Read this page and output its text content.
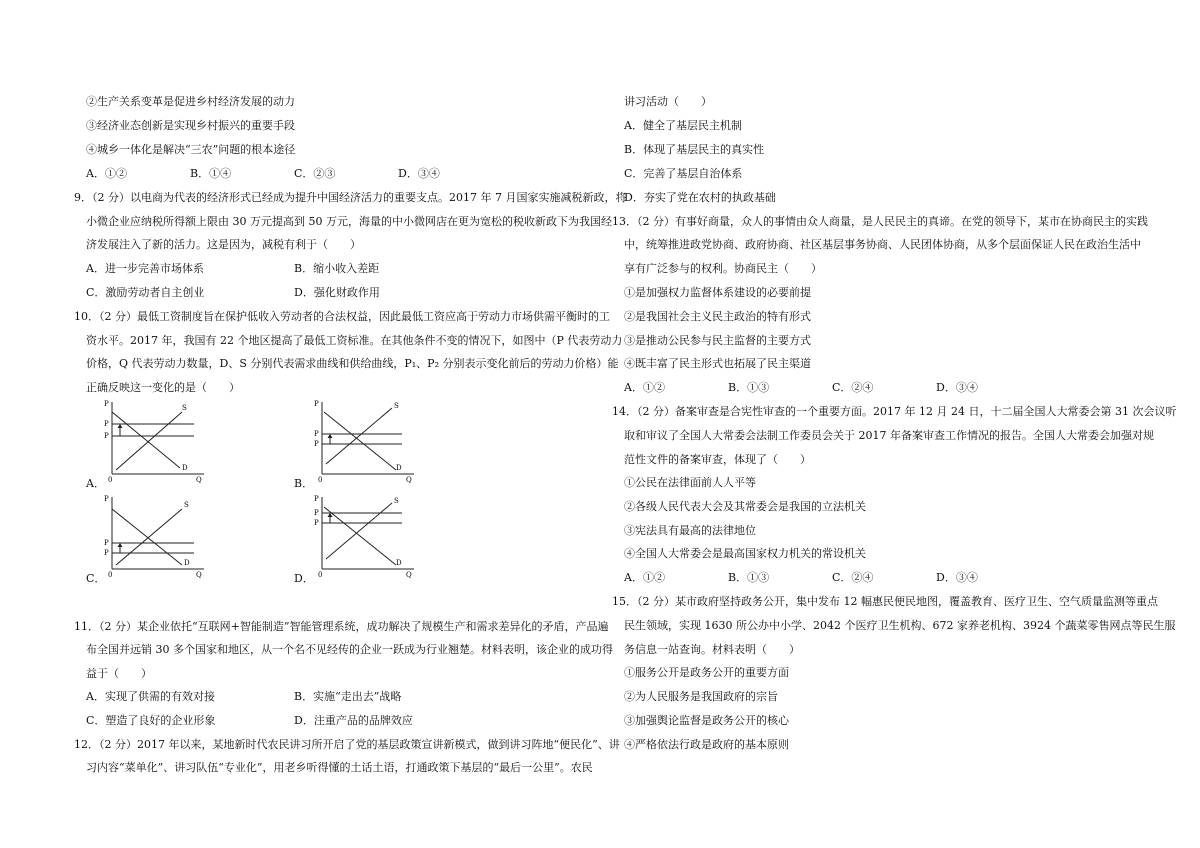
②生产关系变革是促进乡村经济发展的动力
③经济业态创新是实现乡村振兴的重要手段
④城乡一体化是解决“三农”问题的根本途径
A．①②	B．①④	C．②③	D．③④
9．（2 分）以电商为代表的经济形式已经成为提升中国经济活力的重要支点。2017 年 7 月国家实施减税新政，将
小微企业应纳税所得额上限由 30 万元提高到 50 万元，海量的中小微网店在更为宽松的税收新政下为我国经
济发展注入了新的活力。这是因为，减税有利于（　　）
A．进一步完善市场体系	B．缩小收入差距
C．激励劳动者自主创业	D．强化财政作用
10．（2 分）最低工资制度旨在保护低收入劳动者的合法权益，因此最低工资应高于劳动力市场供需平衡时的工
资水平。2017 年，我国有 22 个地区提高了最低工资标准。在其他条件不变的情况下，如图中（P 代表劳动力
价格，Q 代表劳动力数量，D、S 分别代表需求曲线和供给曲线，P₁、P₂ 分别表示变化前后的劳动力价格）能
正确反映这一变化的是（　　）
A．
P
P
P
S
D
0	Q	B．
P
P
P
S
D
0	Q
C．
P
P
P
S
D
0	Q	D．
P
P
P
S
D
0	Q
11．（2 分）某企业依托“互联网+智能制造”智能管理系统，成功解决了规模生产和需求差异化的矛盾，产品遍
布全国并远销 30 多个国家和地区，从一个名不见经传的企业一跃成为行业翘楚。材料表明，该企业的成功得
益于（　　）
A．实现了供需的有效对接	B．实施“走出去”战略
C．塑造了良好的企业形象	D．注重产品的品牌效应
12．（2 分）2017 年以来，某地新时代农民讲习所开启了党的基层政策宣讲新模式，做到讲习阵地“便民化”、讲
习内容“菜单化”、讲习队伍“专业化”，用老乡听得懂的土话土语，打通政策下基层的“最后一公里”。农民
讲习活动（　　）
A．健全了基层民主机制
B．体现了基层民主的真实性
C．完善了基层自治体系
D．夯实了党在农村的执政基础
13．（2 分）有事好商量，众人的事情由众人商量，是人民民主的真谛。在党的领导下，某市在协商民主的实践
中，统筹推进政党协商、政府协商、社区基层事务协商、人民团体协商，从多个层面保证人民在政治生活中
享有广泛参与的权利。协商民主（　　）
①是加强权力监督体系建设的必要前提
②是我国社会主义民主政治的特有形式
③是推动公民参与民主监督的主要方式
④既丰富了民主形式也拓展了民主渠道
A．①②	B．①③	C．②④	D．③④
14．（2 分）备案审查是合宪性审查的一个重要方面。2017 年 12 月 24 日，十二届全国人大常委会第 31 次会议听
取和审议了全国人大常委会法制工作委员会关于 2017 年备案审查工作情况的报告。全国人大常委会加强对规
范性文件的备案审查，体现了（　　）
①公民在法律面前人人平等
②各级人民代表大会及其常委会是我国的立法机关
③宪法具有最高的法律地位
④全国人大常委会是最高国家权力机关的常设机关
A．①②	B．①③	C．②④	D．③④
15．（2 分）某市政府坚持政务公开，集中发布 12 幅惠民便民地图，覆盖教育、医疗卫生、空气质量监测等重点
民生领域，实现 1630 所公办中小学、2042 个医疗卫生机构、672 家养老机构、3924 个蔬菜零售网点等民生服
务信息一站查询。材料表明（　　）
①服务公开是政务公开的重要方面
②为人民服务是我国政府的宗旨
③加强舆论监督是政务公开的核心
④严格依法行政是政府的基本原则
